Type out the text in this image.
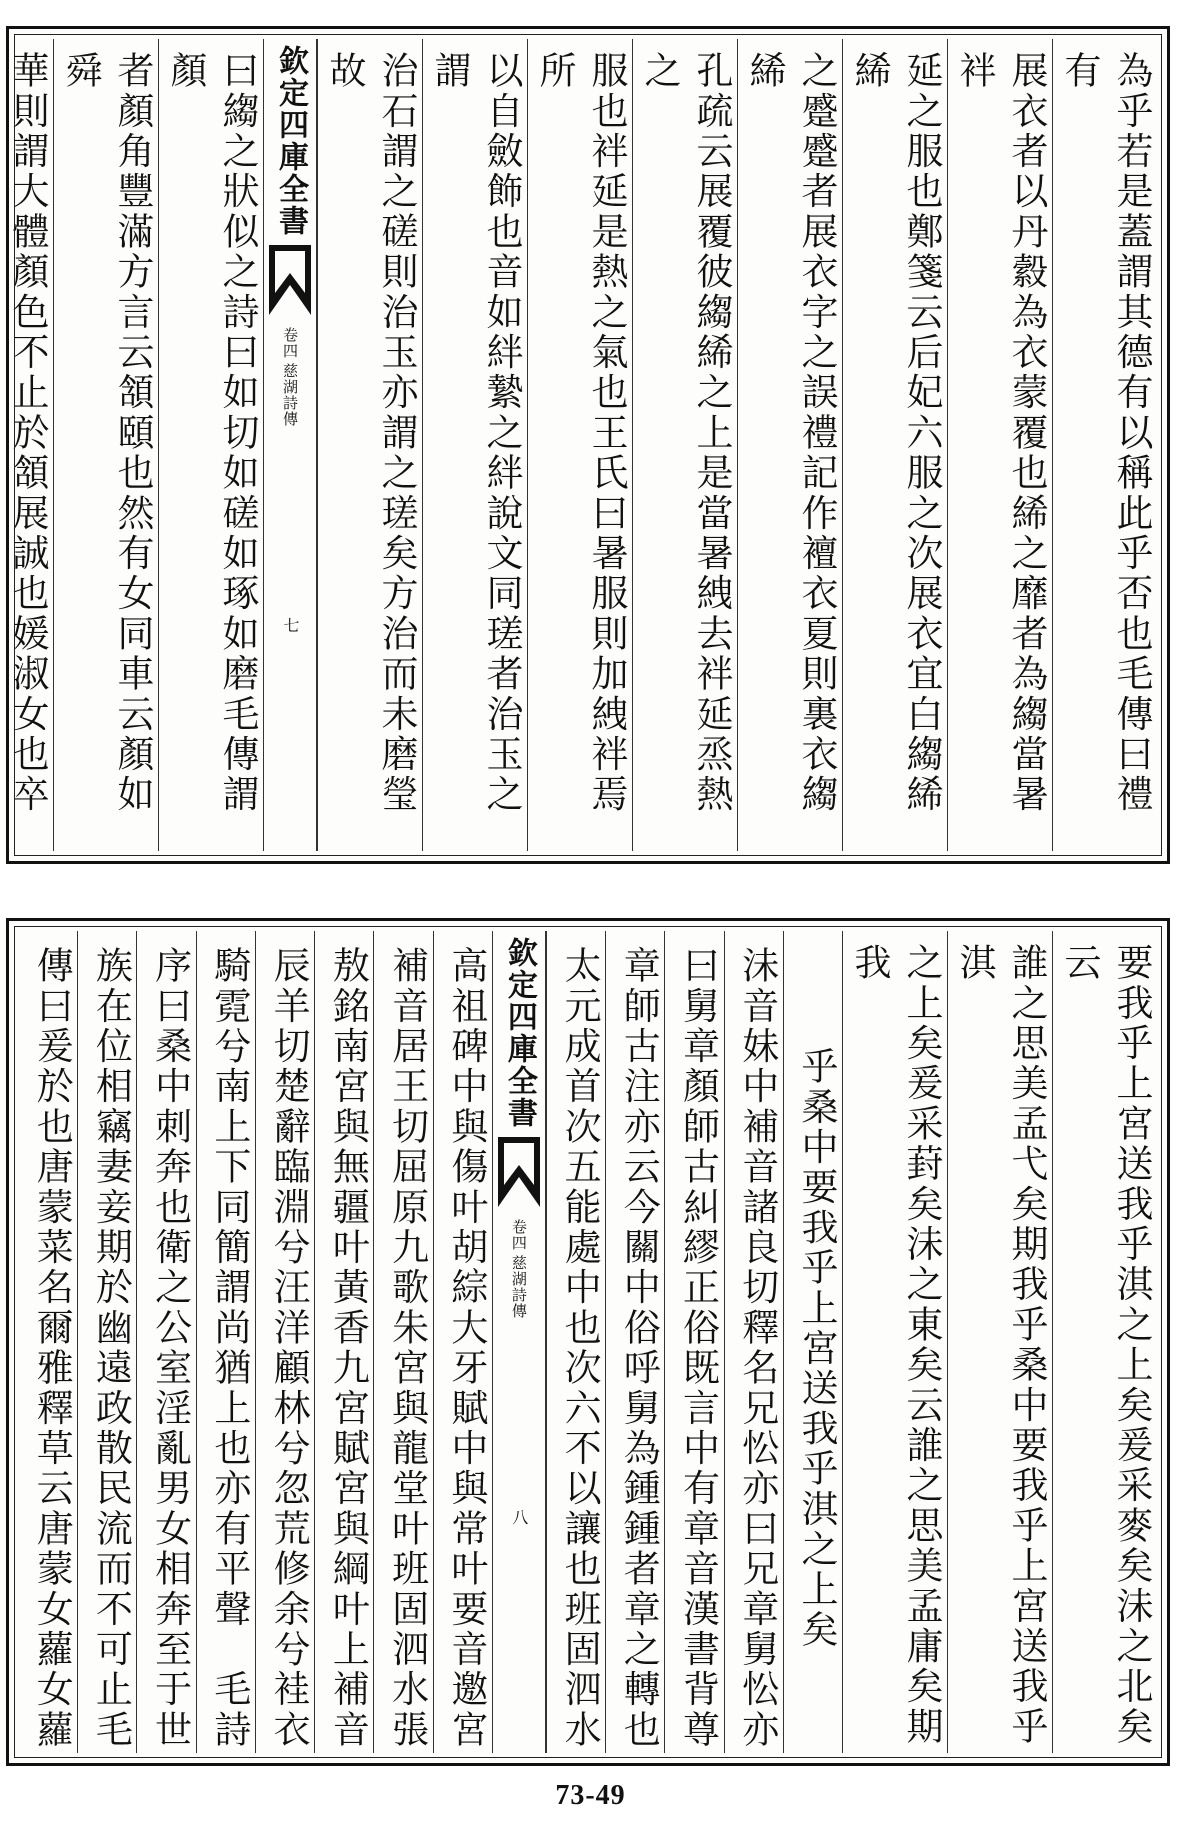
為乎若是蓋謂其德有以稱此乎否也毛傳曰禮有
展衣者以丹縠為衣蒙覆也絺之靡者為縐當暑袢
延之服也鄭箋云后妃六服之次展衣宜白縐絺絺
之蹙蹙者展衣字之誤禮記作襢衣夏則裏衣縐絺
孔疏云展覆彼縐絺之上是當暑絏去袢延烝熱之
服也袢延是熱之氣也王氏曰暑服則加絏袢焉所
以自斂飾也音如絆縶之絆說文同瑳者治玉之謂
治石謂之磋則治玉亦謂之瑳矣方治而未磨瑩故
欽定四庫全書
慈湖詩傳
卷四
七
曰縐之狀似之詩曰如切如磋如琢如磨毛傳謂顏
者顏角豐滿方言云頷頤也然有女同車云顏如舜
華則謂大體顏色不止於頷展誠也媛淑女也卒
要我乎上宮送我乎淇之上矣爰采麥矣沬之北矣云
誰之思美孟弋矣期我乎桑中要我乎上宮送我乎淇
之上矣爰采葑矣沬之東矣云誰之思美孟庸矣期我
乎桑中要我乎上宮送我乎淇之上矣
沬音妹中補音諸良切釋名兄忪亦曰兄章舅忪亦
曰舅章顏師古糾繆正俗既言中有章音漢書背尊
章師古注亦云今關中俗呼舅為鍾鍾者章之轉也
太元成首次五能處中也次六不以讓也班固泗水
欽定四庫全書
慈湖詩傳
卷四
八
高祖碑中與傷叶胡綜大牙賦中與常叶要音邀宮
補音居王切屈原九歌朱宮與龍堂叶班固泗水張
敖銘南宮與無疆叶黃香九宮賦宮與綱叶上補音
辰羊切楚辭臨淵兮汪洋顧林兮忽荒修余兮袿衣
騎霓兮南上下同簡謂尚猶上也亦有平聲　毛詩
序曰桑中刺奔也衛之公室淫亂男女相奔至于世
族在位相竊妻妾期於幽遠政散民流而不可止毛
傳曰爰於也唐蒙菜名爾雅釋草云唐蒙女蘿女蘿
73-49
